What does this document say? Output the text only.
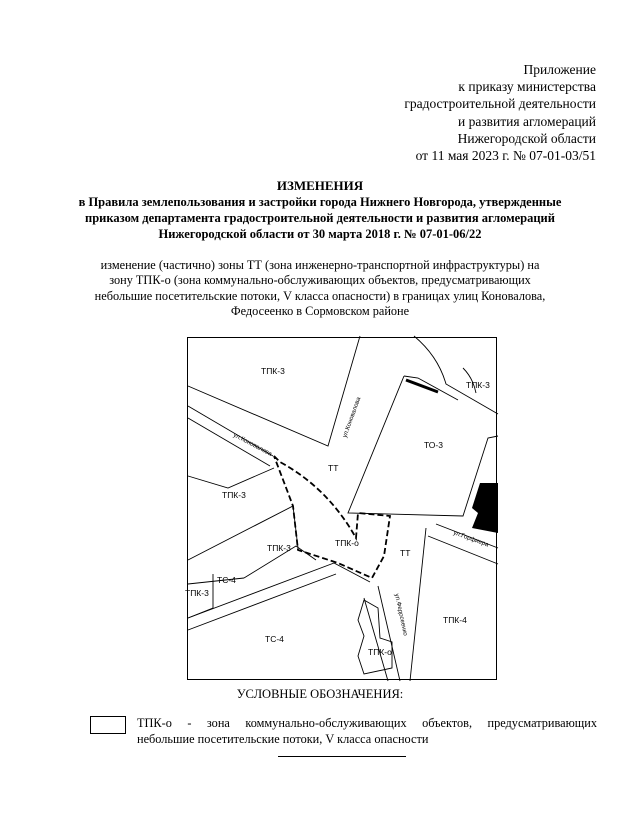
Приложение
к приказу министерства
градостроительной деятельности
и развития агломераций
Нижегородской области
от 11 мая 2023 г. № 07-01-03/51
ИЗМЕНЕНИЯ
в Правила землепользования и застройки города Нижнего Новгорода, утвержденные
приказом департамента градостроительной деятельности и развития агломераций
Нижегородской области от 30 марта 2018 г. № 07-01-06/22
изменение (частично) зоны ТТ (зона инженерно-транспортной инфраструктуры) на
зону ТПК-о (зона коммунально-обслуживающих объектов, предусматривающих
небольшие посетительские потоки, V класса опасности) в границах улиц Коновалова,
Федосеенко в Сормовском районе
ТПК-3
ТПК-3
ТО-3
ТТ
ТПК-3
ТПК-3	ТПК-о
ТТ
ТС-4
ТПК-3
ТС-4
ТПК-4
ТПК-о
ул.Коновалова
ул.Коновалова
ул.Горфиера
ул.Федосеенко
УСЛОВНЫЕ ОБОЗНАЧЕНИЯ:
ТПК-о - зона коммунально-обслуживающих объектов, предусматривающих
небольшие посетительские потоки, V класса опасности
